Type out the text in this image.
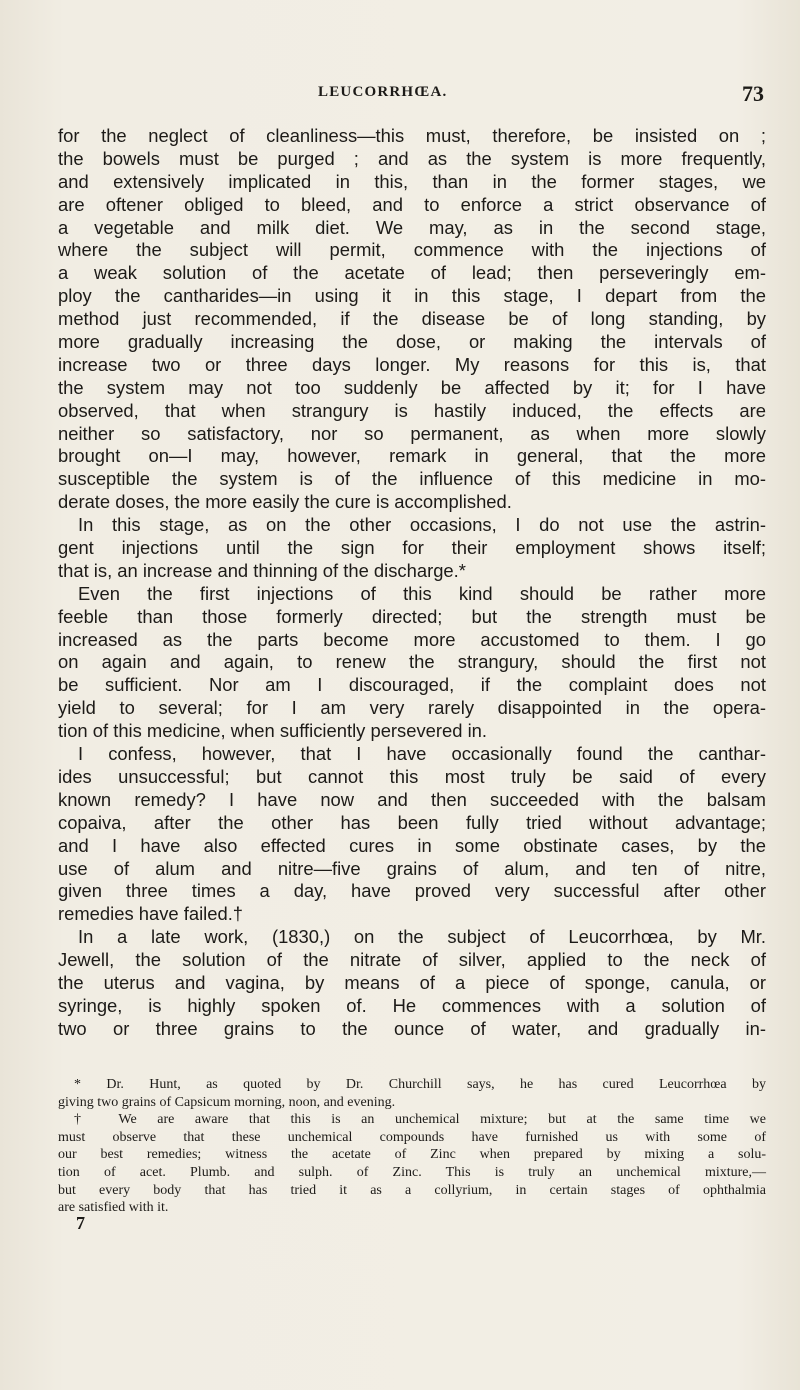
LEUCORRHŒA.	73
for the neglect of cleanliness—this must, therefore, be insisted on ;
the bowels must be purged ; and as the system is more frequently,
and extensively implicated in this, than in the former stages, we
are oftener obliged to bleed, and to enforce a strict observance of
a vegetable and milk diet. We may, as in the second stage,
where the subject will permit, commence with the injections of
a weak solution of the acetate of lead; then perseveringly em-
ploy the cantharides—in using it in this stage, I depart from the
method just recommended, if the disease be of long standing, by
more gradually increasing the dose, or making the intervals of
increase two or three days longer. My reasons for this is, that
the system may not too suddenly be affected by it; for I have
observed, that when strangury is hastily induced, the effects are
neither so satisfactory, nor so permanent, as when more slowly
brought on—I may, however, remark in general, that the more
susceptible the system is of the influence of this medicine in mo-
derate doses, the more easily the cure is accomplished.
In this stage, as on the other occasions, I do not use the astrin-
gent injections until the sign for their employment shows itself;
that is, an increase and thinning of the discharge.*
Even the first injections of this kind should be rather more
feeble than those formerly directed; but the strength must be
increased as the parts become more accustomed to them. I go
on again and again, to renew the strangury, should the first not
be sufficient. Nor am I discouraged, if the complaint does not
yield to several; for I am very rarely disappointed in the opera-
tion of this medicine, when sufficiently persevered in.
I confess, however, that I have occasionally found the canthar-
ides unsuccessful; but cannot this most truly be said of every
known remedy? I have now and then succeeded with the balsam
copaiva, after the other has been fully tried without advantage;
and I have also effected cures in some obstinate cases, by the
use of alum and nitre—five grains of alum, and ten of nitre,
given three times a day, have proved very successful after other
remedies have failed.†
In a late work, (1830,) on the subject of Leucorrhœa, by Mr.
Jewell, the solution of the nitrate of silver, applied to the neck of
the uterus and vagina, by means of a piece of sponge, canula, or
syringe, is highly spoken of. He commences with a solution of
two or three grains to the ounce of water, and gradually in-
* Dr. Hunt, as quoted by Dr. Churchill says, he has cured Leucorrhœa by
giving two grains of Capsicum morning, noon, and evening.
† We are aware that this is an unchemical mixture; but at the same time we
must observe that these unchemical compounds have furnished us with some of
our best remedies; witness the acetate of Zinc when prepared by mixing a solu-
tion of acet. Plumb. and sulph. of Zinc. This is truly an unchemical mixture,—
but every body that has tried it as a collyrium, in certain stages of ophthalmia
are satisfied with it.
7
